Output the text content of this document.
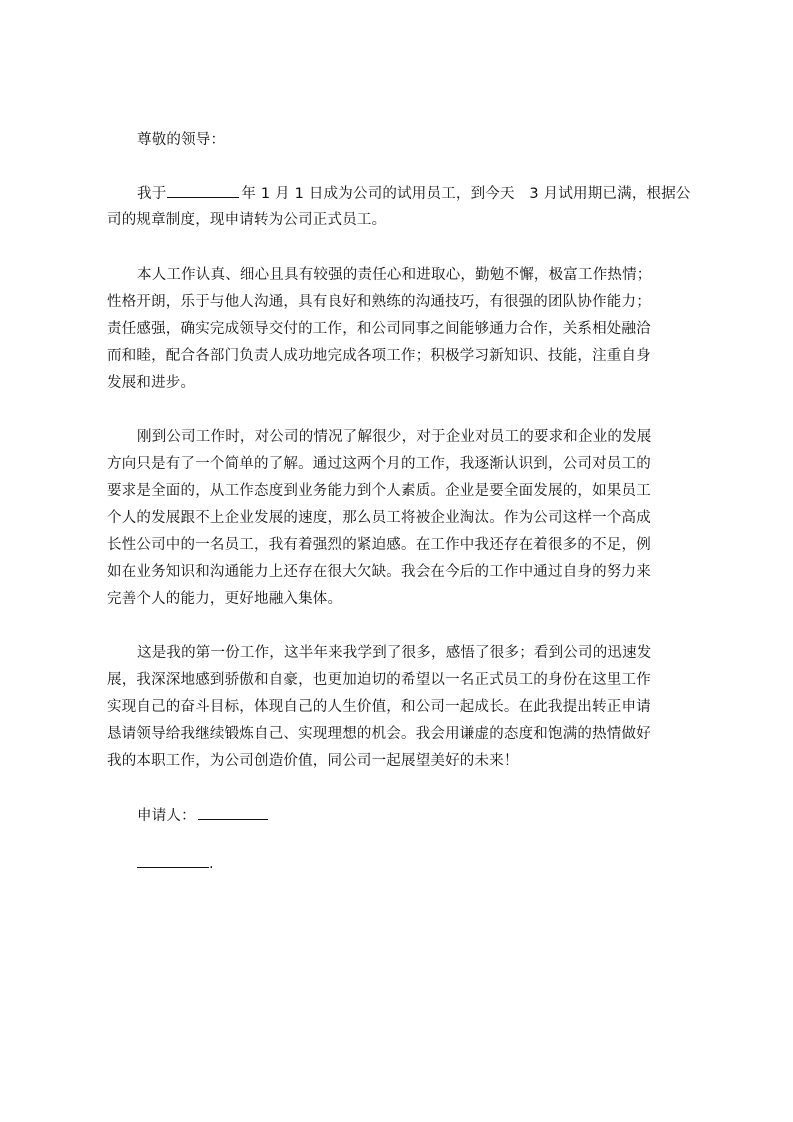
尊敬的领导：
我于	年 1 月 1 日成为公司的试用员工，到今天　3 月试用期已满，根据公
司的规章制度，现申请转为公司正式员工。
本人工作认真、细心且具有较强的责任心和进取心，勤勉不懈，极富工作热情；
性格开朗，乐于与他人沟通，具有良好和熟练的沟通技巧，有很强的团队协作能力；
责任感强，确实完成领导交付的工作，和公司同事之间能够通力合作，关系相处融洽
而和睦，配合各部门负责人成功地完成各项工作；积极学习新知识、技能，注重自身
发展和进步。
刚到公司工作时，对公司的情况了解很少，对于企业对员工的要求和企业的发展
方向只是有了一个简单的了解。通过这两个月的工作，我逐渐认识到，公司对员工的
要求是全面的，从工作态度到业务能力到个人素质。企业是要全面发展的，如果员工
个人的发展跟不上企业发展的速度，那么员工将被企业淘汰。作为公司这样一个高成
长性公司中的一名员工，我有着强烈的紧迫感。在工作中我还存在着很多的不足，例
如在业务知识和沟通能力上还存在很大欠缺。我会在今后的工作中通过自身的努力来
完善个人的能力，更好地融入集体。
这是我的第一份工作，这半年来我学到了很多，感悟了很多；看到公司的迅速发
展，我深深地感到骄傲和自豪，也更加迫切的希望以一名正式员工的身份在这里工作
实现自己的奋斗目标，体现自己的人生价值，和公司一起成长。在此我提出转正申请
恳请领导给我继续锻炼自己、实现理想的机会。我会用谦虚的态度和饱满的热情做好
我的本职工作，为公司创造价值，同公司一起展望美好的未来！
申请人：
.
